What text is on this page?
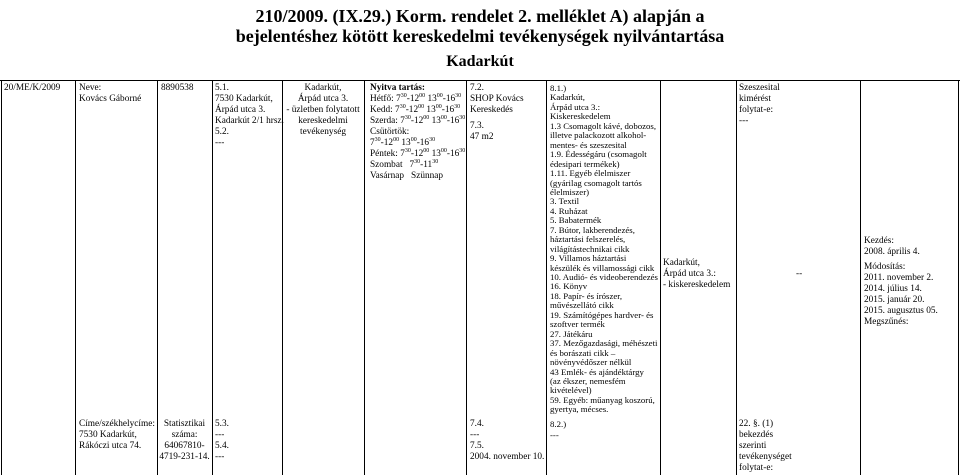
210/2009. (IX.29.) Korm. rendelet 2. melléklet A) alapján a
bejelentéshez kötött kereskedelmi tevékenységek nyilvántartása
Kadarkút
20/ME/K/2009 Neve:
Kovács Gáborné
Címe/székhelycíme:
7530 Kadarkút,
Rákóczi utca 74.
8890538
Statisztikai
száma:
64067810-
4719-231-14.
5.1.
7530 Kadarkút,
Árpád utca 3.
Kadarkút 2/1 hrsz.
5.2.
---
5.3.
---
5.4.
---
Kadarkút,
Árpád utca 3.
- üzletben folytatott
kereskedelmi
tevékenység
Nyitva tartás:
Hétfő: $7^{30}-12^{00}$ $13^{00}-16^{30}$
Kedd: $7^{30}-12^{00}$ $13^{00}-16^{30}$
Szerda: $7^{30}-12^{00}$ $13^{00}-16^{30}$
Csütörtök:
$7^{30}-12^{00}$ $13^{00}-16^{30}$
Péntek: $7^{30}-12^{00}$ $13^{00}-16^{30}$
Szombat   $7^{30}-11^{30}$
Vasárnap   Szünnap
7.2.
SHOP Kovács
Kereskedés
7.3.
47 m2
7.4.
---
7.5.
2004. november 10.
8.1.)
Kadarkút,
Árpád utca 3.:
Kiskereskedelem
1.3 Csomagolt kávé, dobozos,
illetve palackozott alkohol-
mentes- és szeszesital
1.9. Édességáru (csomagolt
édesipari termékek)
1.11. Egyéb élelmiszer
(gyárilag csomagolt tartós
élelmiszer)
3. Textil
4. Ruházat
5. Babatermék
7. Bútor, lakberendezés,
háztartási felszerelés,
világítástechnikai cikk
9. Villamos háztartási
készülék és villamossági cikk
10. Audió- és videoberendezés
16. Könyv
18. Papír- és írószer,
művészellátó cikk
19. Számítógépes hardver- és
szoftver termék
27. Játékáru
37. Mezőgazdasági, méhészeti
és borászati cikk –
növényvédőszer nélkül
43 Emlék- és ajándéktárgy
(az ékszer, nemesfém
kivételével)
59. Egyéb: műanyag koszorú,
gyertya, mécses.
8.2.)
---
Kadarkút,
Árpád utca 3.:
- kiskereskedelem
Szeszesital
kimérést
folytat-e:
---
--
22. §. (1)
bekezdés
szerinti
tevékenységet
folytat-e:
Kezdés:
2008. április 4.
Módosítás:
2011. november 2.
2014. július 14.
2015. január 20.
2015. augusztus 05.
Megszűnés:
